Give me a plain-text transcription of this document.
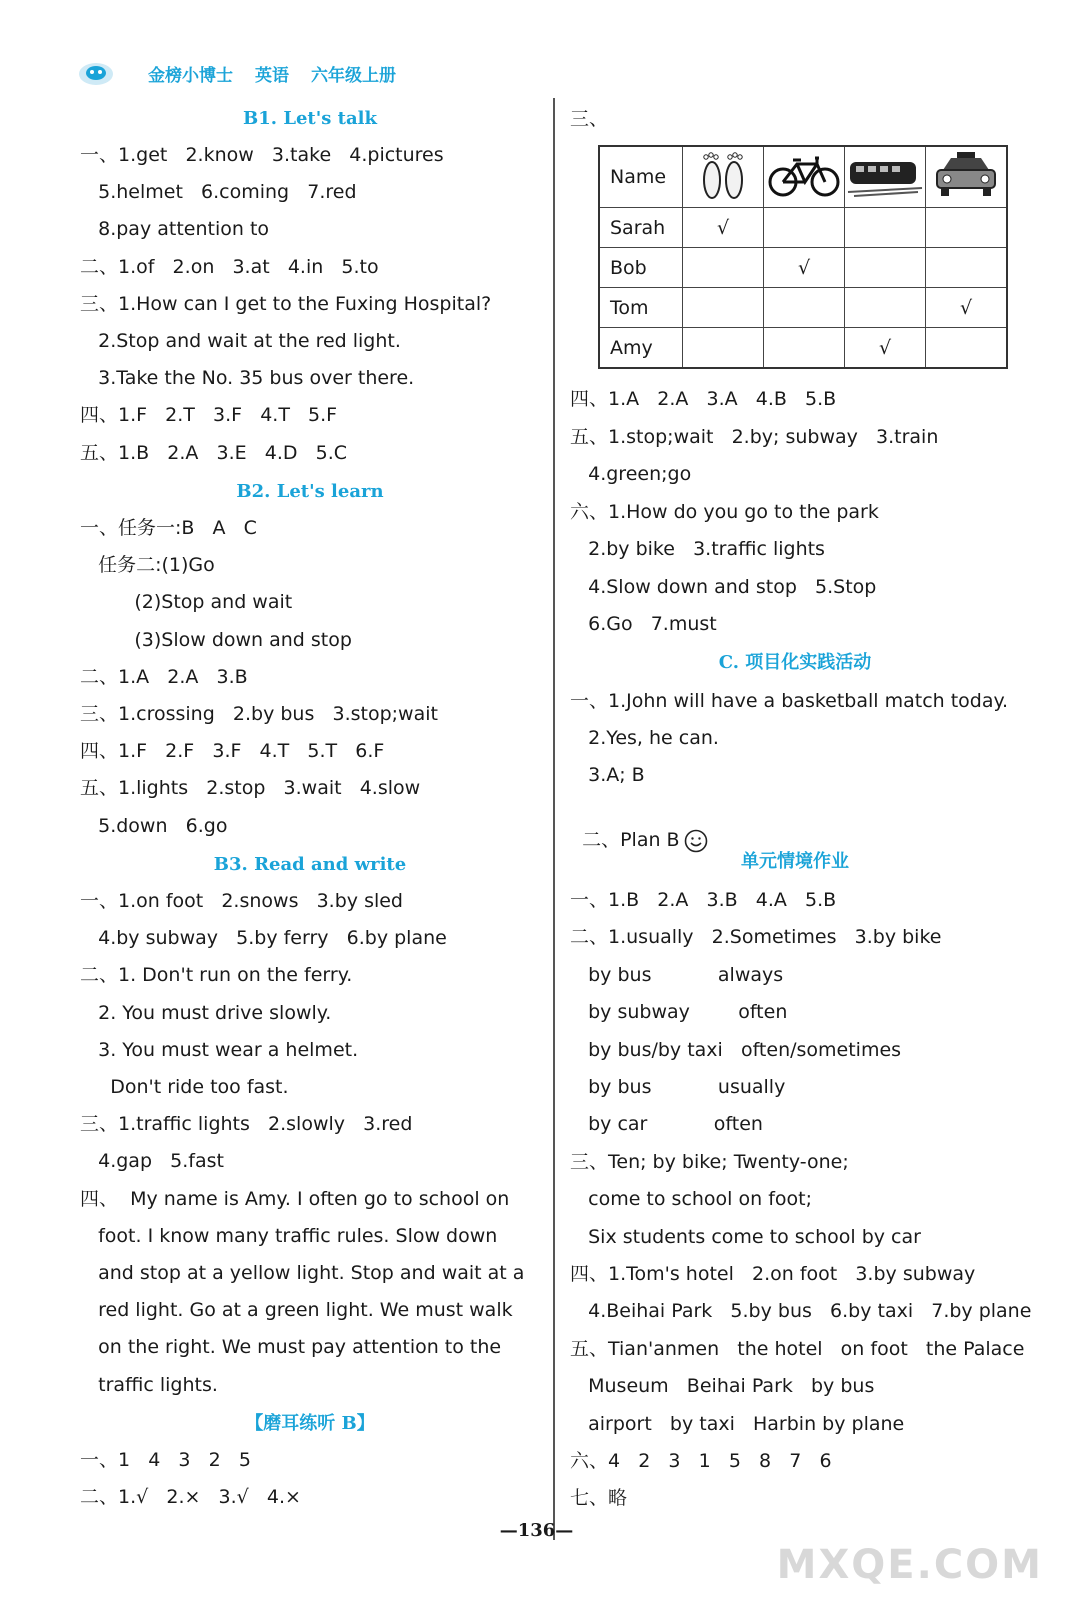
金榜小博士 英语 六年级上册
B1. Let's talk
一、1.get   2.know   3.take   4.pictures
5.helmet   6.coming   7.red
8.pay attention to
二、1.of   2.on   3.at   4.in   5.to
三、1.How can I get to the Fuxing Hospital?
2.Stop and wait at the red light.
3.Take the No. 35 bus over there.
四、1.F   2.T   3.F   4.T   5.F
五、1.B   2.A   3.E   4.D   5.C
B2. Let's learn
一、任务一:B   A   C
任务二:(1)Go
(2)Stop and wait
(3)Slow down and stop
二、1.A   2.A   3.B
三、1.crossing   2.by bus   3.stop;wait
四、1.F   2.F   3.F   4.T   5.T   6.F
五、1.lights   2.stop   3.wait   4.slow
5.down   6.go
B3. Read and write
一、1.on foot   2.snows   3.by sled
4.by subway   5.by ferry   6.by plane
二、1. Don't run on the ferry.
2. You must drive slowly.
3. You must wear a helmet.
Don't ride too fast.
三、1.traffic lights   2.slowly   3.red
4.gap   5.fast
四、  My name is Amy. I often go to school on
foot. I know many traffic rules. Slow down
and stop at a yellow light. Stop and wait at a
red light. Go at a green light. We must walk
on the right. We must pay attention to the
traffic lights.
【磨耳练听 B】
一、1   4   3   2   5
二、1.√   2.×   3.√   4.×
三、
Name				
Sarah	√			
Bob		√		
Tom				√
Amy			√	
四、1.A   2.A   3.A   4.B   5.B
五、1.stop;wait   2.by; subway   3.train
4.green;go
六、1.How do you go to the park
2.by bike   3.traffic lights
4.Slow down and stop   5.Stop
6.Go   7.must
C. 项目化实践活动
一、1.John will have a basketball match today.
2.Yes, he can.
3.A; B

二、Plan B

单元情境作业
一、1.B   2.A   3.B   4.A   5.B
二、1.usually   2.Sometimes   3.by bike
by bus           always
by subway        often
by bus/by taxi   often/sometimes
by bus           usually
by car           often
三、Ten; by bike; Twenty-one;
come to school on foot;
Six students come to school by car
四、1.Tom's hotel   2.on foot   3.by subway
4.Beihai Park   5.by bus   6.by taxi   7.by plane
五、Tian'anmen   the hotel   on foot   the Palace
Museum   Beihai Park   by bus
airport   by taxi   Harbin by plane
六、4   2   3   1   5   8   7   6
七、略
—136—
MXQE.COM
